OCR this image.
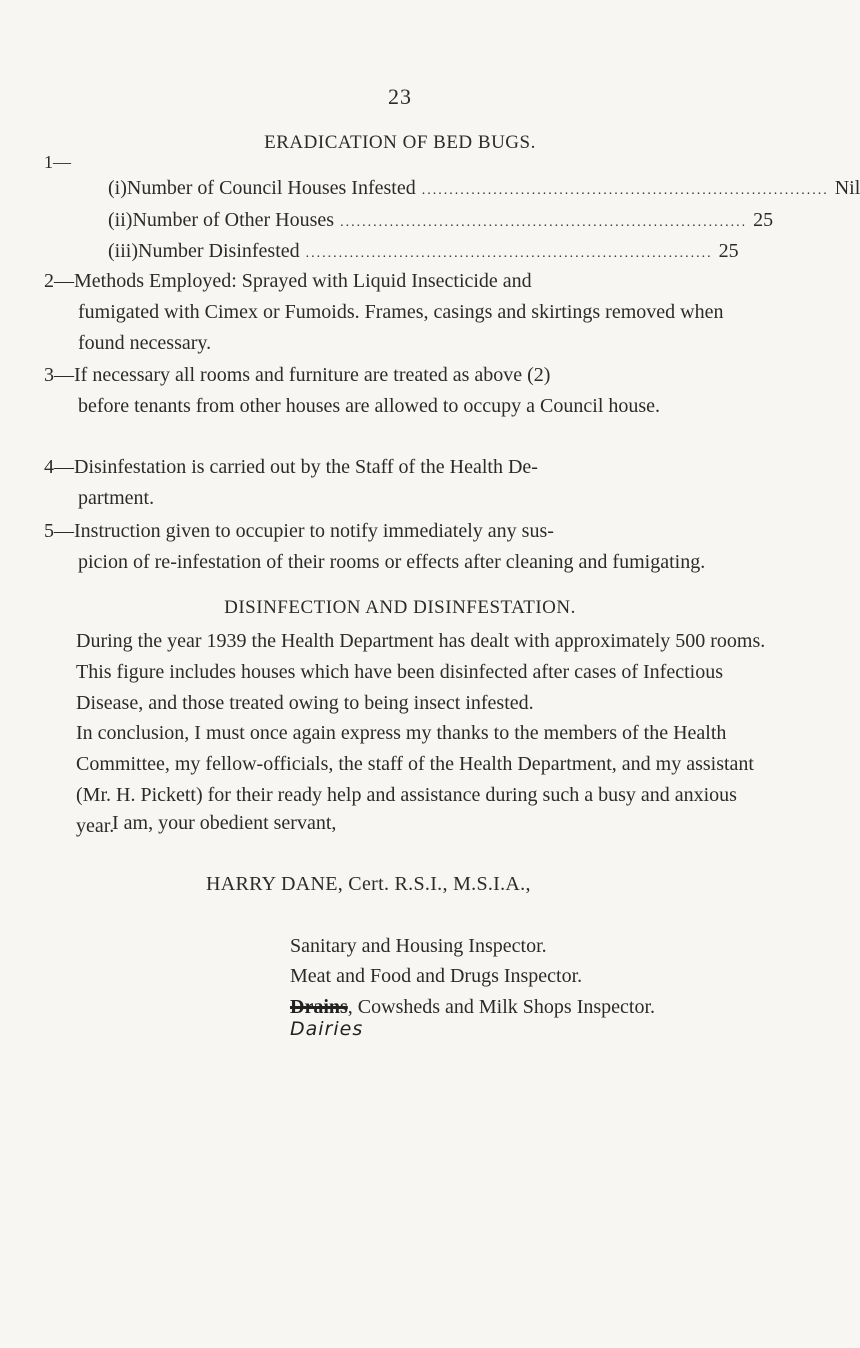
23
ERADICATION OF BED BUGS.
1—
(i) Number of Council Houses Infested .......................................................................... Nil
(ii) Number of Other Houses .......................................................................... 25
(iii) Number Disinfested .......................................................................... 25
2—Methods Employed: Sprayed with Liquid Insecticide and
fumigated with Cimex or Fumoids. Frames, casings and skirtings removed when found necessary.
3—If necessary all rooms and furniture are treated as above (2)
before tenants from other houses are allowed to occupy a Council house.
4—Disinfestation is carried out by the Staff of the Health De-
partment.
5—Instruction given to occupier to notify immediately any sus-
picion of re-infestation of their rooms or effects after cleaning and fumigating.
DISINFECTION AND DISINFESTATION.
During the year 1939 the Health Department has dealt with approximately 500 rooms. This figure includes houses which have been disinfected after cases of Infectious Disease, and those treated owing to being insect infested.
In conclusion, I must once again express my thanks to the members of the Health Committee, my fellow-officials, the staff of the Health Department, and my assistant (Mr. H. Pickett) for their ready help and assistance during such a busy and anxious year.
I am, your obedient servant,
HARRY DANE, Cert. R.S.I., M.S.I.A.,
Sanitary and Housing Inspector.
Meat and Food and Drugs Inspector.
Drains, Cowsheds and Milk Shops Inspector.
Dairies
